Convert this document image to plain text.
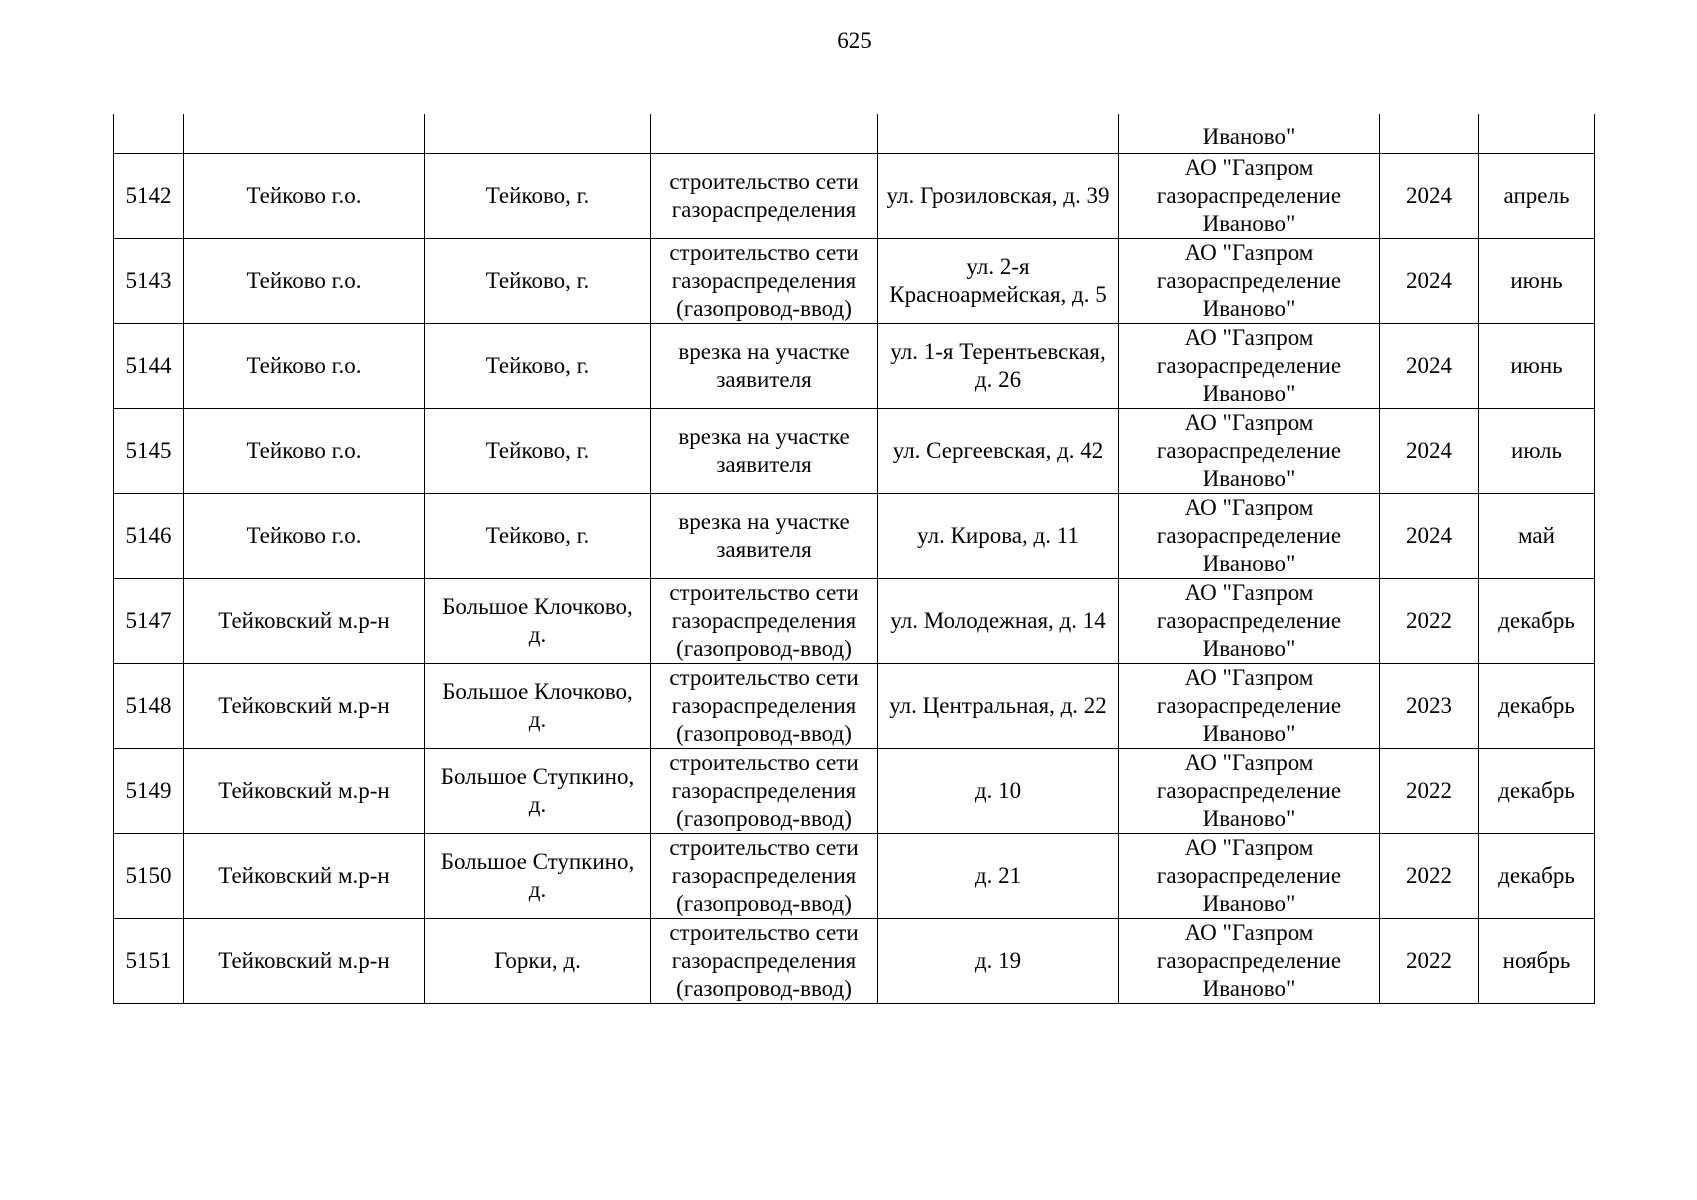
625
					Иваново"		
5142	Тейково г.о.	Тейково, г.	строительство сети газораспределения	ул. Грозиловская, д. 39	АО "Газпром газораспределение Иваново"	2024	апрель
5143	Тейково г.о.	Тейково, г.	строительство сети газораспределения (газопровод-ввод)	ул. 2-я Красноармейская, д. 5	АО "Газпром газораспределение Иваново"	2024	июнь
5144	Тейково г.о.	Тейково, г.	врезка на участке заявителя	ул. 1-я Терентьевская, д. 26	АО "Газпром газораспределение Иваново"	2024	июнь
5145	Тейково г.о.	Тейково, г.	врезка на участке заявителя	ул. Сергеевская, д. 42	АО "Газпром газораспределение Иваново"	2024	июль
5146	Тейково г.о.	Тейково, г.	врезка на участке заявителя	ул. Кирова, д. 11	АО "Газпром газораспределение Иваново"	2024	май
5147	Тейковский м.р-н	Большое Клочково, д.	строительство сети газораспределения (газопровод-ввод)	ул. Молодежная, д. 14	АО "Газпром газораспределение Иваново"	2022	декабрь
5148	Тейковский м.р-н	Большое Клочково, д.	строительство сети газораспределения (газопровод-ввод)	ул. Центральная, д. 22	АО "Газпром газораспределение Иваново"	2023	декабрь
5149	Тейковский м.р-н	Большое Ступкино, д.	строительство сети газораспределения (газопровод-ввод)	д. 10	АО "Газпром газораспределение Иваново"	2022	декабрь
5150	Тейковский м.р-н	Большое Ступкино, д.	строительство сети газораспределения (газопровод-ввод)	д. 21	АО "Газпром газораспределение Иваново"	2022	декабрь
5151	Тейковский м.р-н	Горки, д.	строительство сети газораспределения (газопровод-ввод)	д. 19	АО "Газпром газораспределение Иваново"	2022	ноябрь
